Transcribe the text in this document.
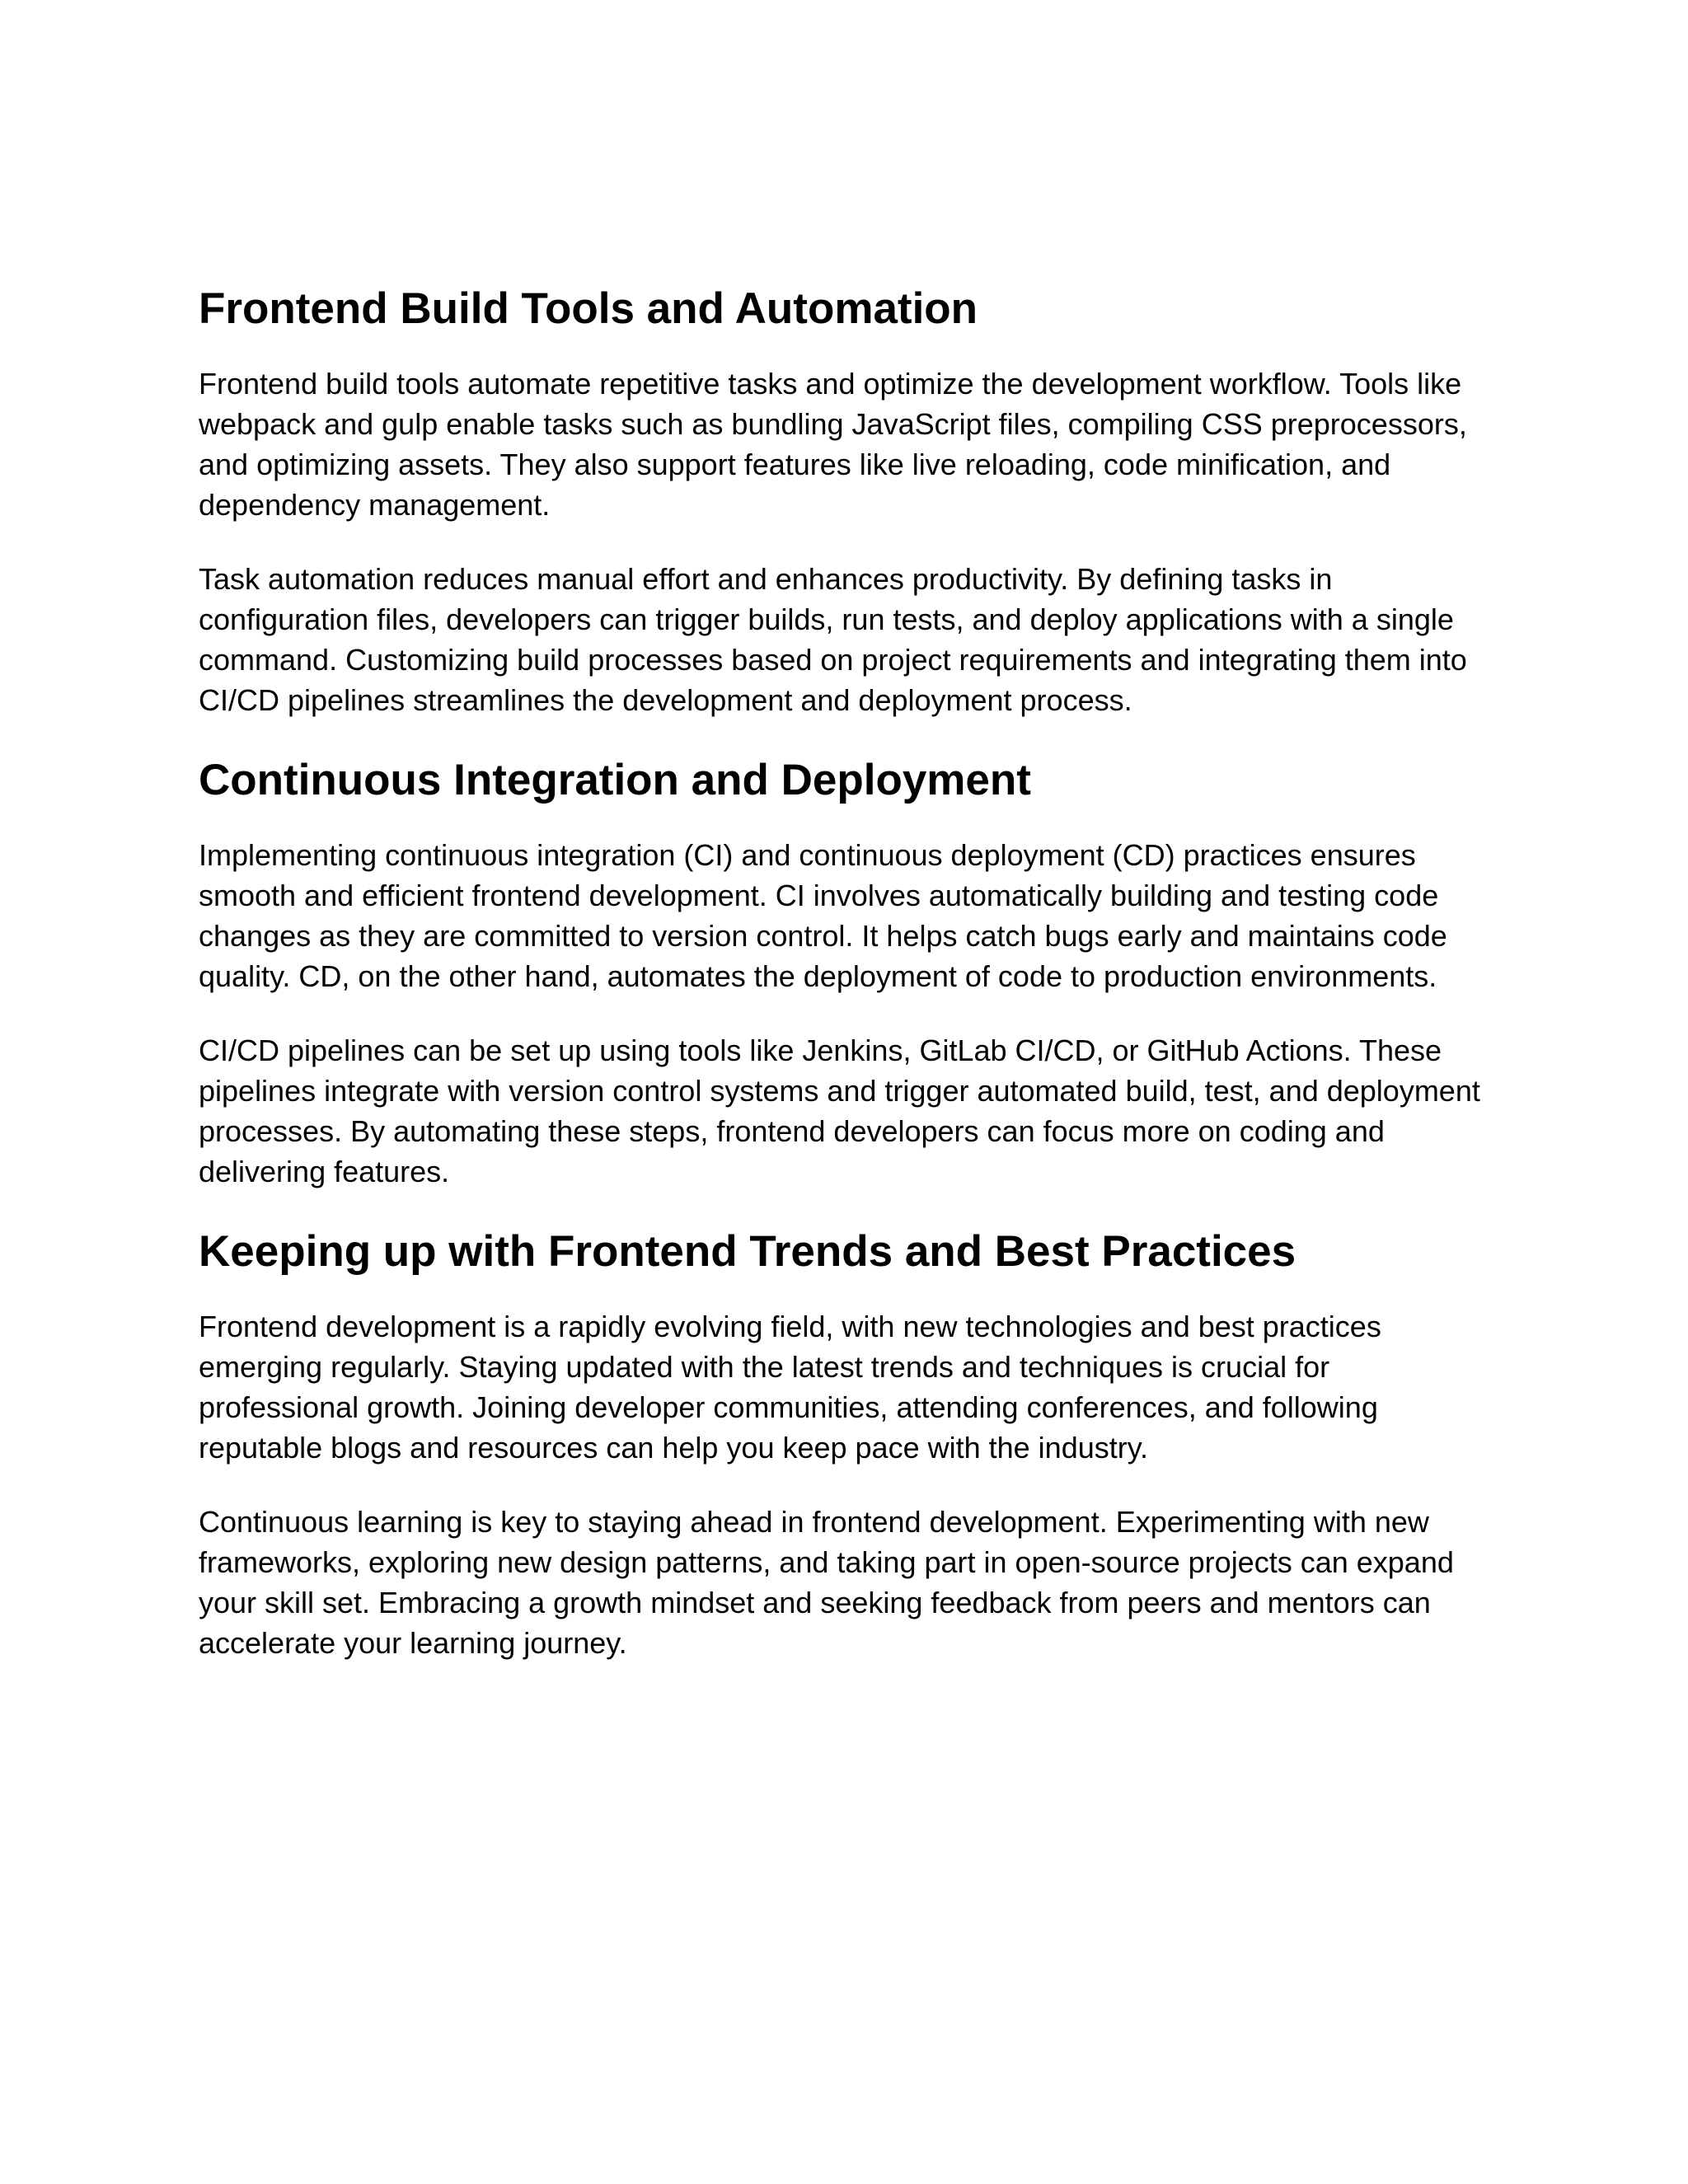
Frontend Build Tools and Automation

Frontend build tools automate repetitive tasks and optimize the development workflow. Tools like webpack and gulp enable tasks such as bundling JavaScript files, compiling CSS preprocessors, and optimizing assets. They also support features like live reloading, code minification, and dependency management.

Task automation reduces manual effort and enhances productivity. By defining tasks in configuration files, developers can trigger builds, run tests, and deploy applications with a single command. Customizing build processes based on project requirements and integrating them into CI/CD pipelines streamlines the development and deployment process.

Continuous Integration and Deployment

Implementing continuous integration (CI) and continuous deployment (CD) practices ensures smooth and efficient frontend development. CI involves automatically building and testing code changes as they are committed to version control. It helps catch bugs early and maintains code quality. CD, on the other hand, automates the deployment of code to production environments.

CI/CD pipelines can be set up using tools like Jenkins, GitLab CI/CD, or GitHub Actions. These pipelines integrate with version control systems and trigger automated build, test, and deployment processes. By automating these steps, frontend developers can focus more on coding and delivering features.

Keeping up with Frontend Trends and Best Practices

Frontend development is a rapidly evolving field, with new technologies and best practices emerging regularly. Staying updated with the latest trends and techniques is crucial for professional growth. Joining developer communities, attending conferences, and following reputable blogs and resources can help you keep pace with the industry.

Continuous learning is key to staying ahead in frontend development. Experimenting with new frameworks, exploring new design patterns, and taking part in open-source projects can expand your skill set. Embracing a growth mindset and seeking feedback from peers and mentors can accelerate your learning journey.
